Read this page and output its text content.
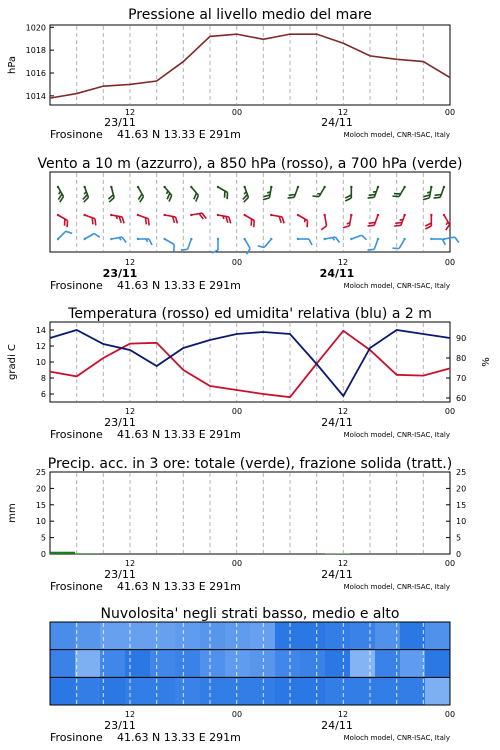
Pressione al livello medio del mare
1014
1016
1018
1020
hPa
12	00	12	00
23/11	24/11
Frosinone 41.63 N 13.33 E 291m	Moloch model, CNR-ISAC, Italy
Vento a 10 m (azzurro), a 850 hPa (rosso), a 700 hPa (verde)
12	00	12	00
23/11	24/11
Frosinone 41.63 N 13.33 E 291m	Moloch model, CNR-ISAC, Italy
Temperatura (rosso) ed umidita' relativa (blu) a 2 m
6
8
10
12
14
60
70
80
90
gradi C	%
12	00	12	00
23/11	24/11
Frosinone 41.63 N 13.33 E 291m	Moloch model, CNR-ISAC, Italy
Precip. acc. in 3 ore: totale (verde), frazione solida (tratt.)
0
5
10
15
20
25
0
5
10
15
20
25
mm
12	00	12	00
23/11	24/11
Frosinone 41.63 N 13.33 E 291m	Moloch model, CNR-ISAC, Italy
Nuvolosita' negli strati basso, medio e alto
12	00	12	00
23/11	24/11
Frosinone 41.63 N 13.33 E 291m	Moloch model, CNR-ISAC, Italy
